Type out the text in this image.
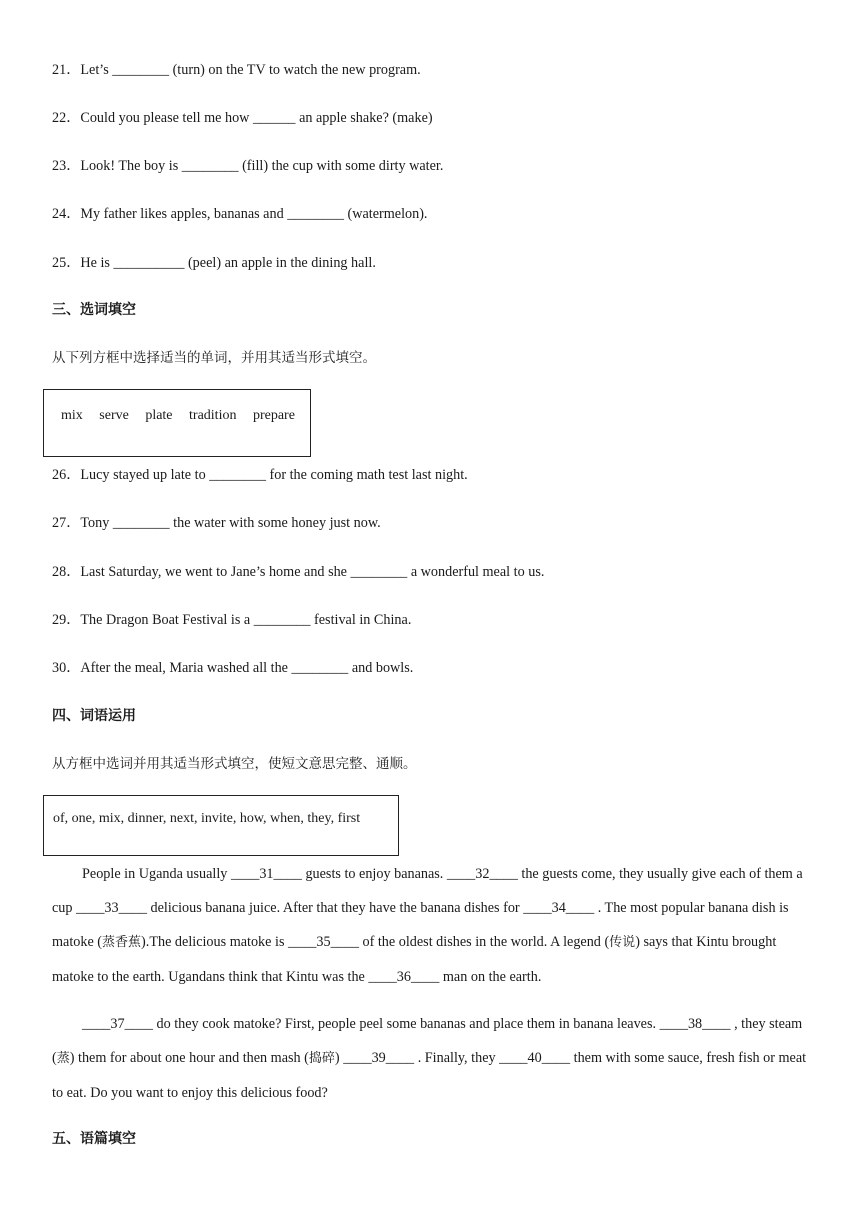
21．Let’s ________ (turn) on the TV to watch the new program.
22．Could you please tell me how ______ an apple shake? (make)
23．Look! The boy is ________ (fill) the cup with some dirty water.
24．My father likes apples, bananas and ________ (watermelon).
25．He is __________ (peel) an apple in the dining hall.
三、选词填空
从下列方框中选择适当的单词，并用其适当形式填空。
mix   serve   plate   tradition   prepare
26．Lucy stayed up late to ________ for the coming math test last night.
27．Tony ________ the water with some honey just now.
28．Last Saturday, we went to Jane’s home and she ________ a wonderful meal to us.
29．The Dragon Boat Festival is a ________ festival in China.
30．After the meal, Maria washed all the ________ and bowls.
四、词语运用
从方框中选词并用其适当形式填空，使短文意思完整、通顺。
of, one, mix, dinner, next, invite, how, when, they, first
People in Uganda usually ____31____ guests to enjoy bananas. ____32____ the guests come, they usually give each of them a cup ____33____ delicious banana juice. After that they have the banana dishes for ____34____ . The most popular banana dish is matoke (蒸香蕉).The delicious matoke is ____35____ of the oldest dishes in the world. A legend (传说) says that Kintu brought matoke to the earth. Ugandans think that Kintu was the ____36____ man on the earth.
____37____ do they cook matoke? First, people peel some bananas and place them in banana leaves. ____38____ , they steam (蒸) them for about one hour and then mash (捣碎) ____39____ . Finally, they ____40____ them with some sauce, fresh fish or meat to eat. Do you want to enjoy this delicious food?
五、语篇填空
